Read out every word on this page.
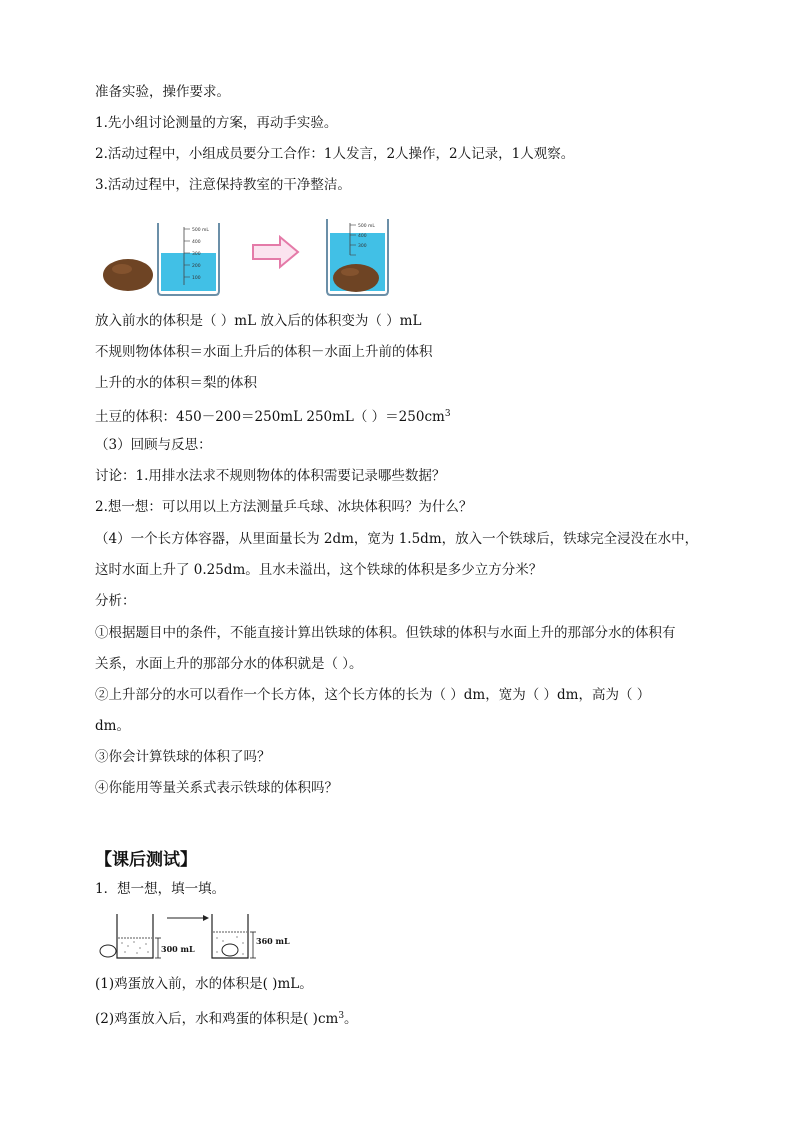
准备实验，操作要求。
1.先小组讨论测量的方案，再动手实验。
2.活动过程中，小组成员要分工合作：1人发言，2人操作，2人记录，1人观察。
3.活动过程中，注意保持教室的干净整洁。
500 mL
400
300
200
100
500 mL
400
300
放入前水的体积是（ ）mL 放入后的体积变为（ ）mL
不规则物体体积＝水面上升后的体积－水面上升前的体积
上升的水的体积＝梨的体积
土豆的体积：450－200＝250mL 250mL（ ）$=250cm^3$
（3）回顾与反思：
讨论：1.用排水法求不规则物体的体积需要记录哪些数据？
2.想一想：可以用以上方法测量乒乓球、冰块体积吗？为什么？
（4）一个长方体容器，从里面量长为 2dm，宽为 1.5dm，放入一个铁球后，铁球完全浸没在水中，
这时水面上升了 0.25dm。且水未溢出，这个铁球的体积是多少立方分米？
分析：
①根据题目中的条件，不能直接计算出铁球的体积。但铁球的体积与水面上升的那部分水的体积有
关系，水面上升的那部分水的体积就是（ ）。
②上升部分的水可以看作一个长方体，这个长方体的长为（ ）dm，宽为（ ）dm，高为（ ）
dm。
③你会计算铁球的体积了吗？
④你能用等量关系式表示铁球的体积吗？
【课后测试】
1．想一想，填一填。
300 mL
360 mL
(1)鸡蛋放入前，水的体积是( )mL。
(2)鸡蛋放入后，水和鸡蛋的体积是( )$cm^3$。
